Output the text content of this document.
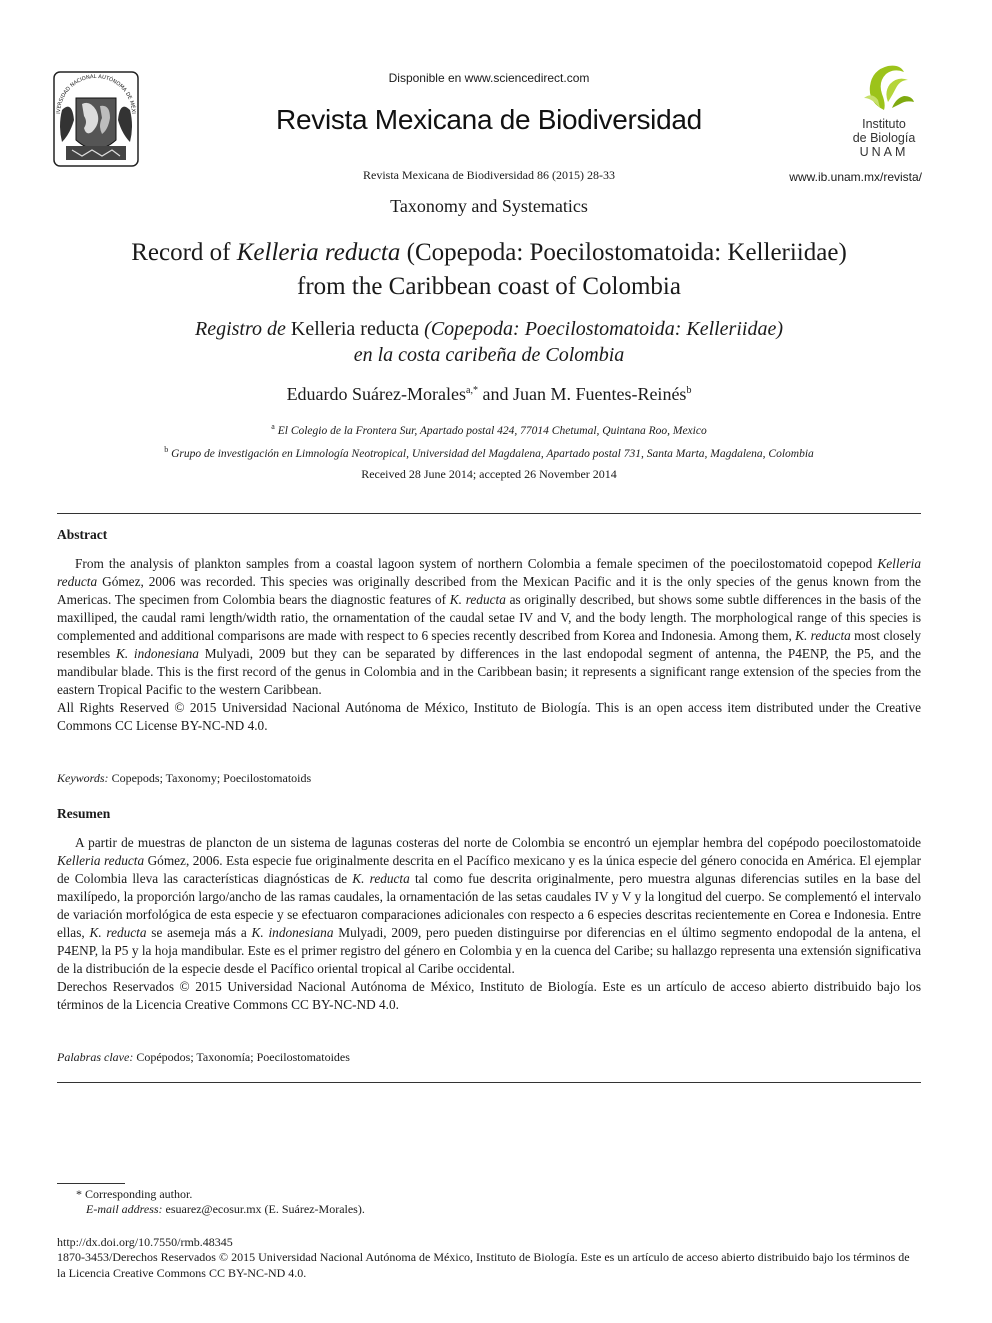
UNIVERSIDAD NACIONAL AUTÓNOMA DE MÉXICO
Disponible en www.sciencedirect.com
Revista Mexicana de Biodiversidad	Instituto
de Biología
UNAM
Revista Mexicana de Biodiversidad 86 (2015) 28-33	www.ib.unam.mx/revista/
Taxonomy and Systematics
Record of Kelleria reducta (Copepoda: Poecilostomatoida: Kelleriidae)
from the Caribbean coast of Colombia
Registro de Kelleria reducta (Copepoda: Poecilostomatoida: Kelleriidae)
en la costa caribeña de Colombia
Eduardo Suárez-Morales$^{a,*}$ and Juan M. Fuentes-Reinés$^b$
$^a$ El Colegio de la Frontera Sur, Apartado postal 424, 77014 Chetumal, Quintana Roo, Mexico
$^b$ Grupo de investigación en Limnología Neotropical, Universidad del Magdalena, Apartado postal 731, Santa Marta, Magdalena, Colombia
Received 28 June 2014; accepted 26 November 2014
Abstract

From the analysis of plankton samples from a coastal lagoon system of northern Colombia a female specimen of the poecilostomatoid copepod Kelleria reducta Gómez, 2006 was recorded. This species was originally described from the Mexican Pacific and it is the only species of the genus known from the Americas. The specimen from Colombia bears the diagnostic features of K. reducta as originally described, but shows some subtle differences in the basis of the maxilliped, the caudal rami length/width ratio, the ornamentation of the caudal setae IV and V, and the body length. The morphological range of this species is complemented and additional comparisons are made with respect to 6 species recently described from Korea and Indonesia. Among them, K. reducta most closely resembles K. indonesiana Mulyadi, 2009 but they can be separated by differences in the last endopodal segment of antenna, the P4ENP, the P5, and the mandibular blade. This is the first record of the genus in Colombia and in the Caribbean basin; it represents a significant range extension of the species from the eastern Tropical Pacific to the western Caribbean.
All Rights Reserved © 2015 Universidad Nacional Autónoma de México, Instituto de Biología. This is an open access item distributed under the Creative Commons CC License BY-NC-ND 4.0.

Keywords: Copepods; Taxonomy; Poecilostomatoids
Resumen

A partir de muestras de plancton de un sistema de lagunas costeras del norte de Colombia se encontró un ejemplar hembra del copépodo poecilostomatoide Kelleria reducta Gómez, 2006. Esta especie fue originalmente descrita en el Pacífico mexicano y es la única especie del género conocida en América. El ejemplar de Colombia lleva las características diagnósticas de K. reducta tal como fue descrita originalmente, pero muestra algunas diferencias sutiles en la base del maxilípedo, la proporción largo/ancho de las ramas caudales, la ornamentación de las setas caudales IV y V y la longitud del cuerpo. Se complementó el intervalo de variación morfológica de esta especie y se efectuaron comparaciones adicionales con respecto a 6 especies descritas recientemente en Corea e Indonesia. Entre ellas, K. reducta se asemeja más a K. indonesiana Mulyadi, 2009, pero pueden distinguirse por diferencias en el último segmento endopodal de la antena, el P4ENP, la P5 y la hoja mandibular. Este es el primer registro del género en Colombia y en la cuenca del Caribe; su hallazgo representa una extensión significativa de la distribución de la especie desde el Pacífico oriental tropical al Caribe occidental.
Derechos Reservados © 2015 Universidad Nacional Autónoma de México, Instituto de Biología. Este es un artículo de acceso abierto distribuido bajo los términos de la Licencia Creative Commons CC BY-NC-ND 4.0.

Palabras clave: Copépodos; Taxonomía; Poecilostomatoides
* Corresponding author.
E-mail address: esuarez@ecosur.mx (E. Suárez-Morales).
http://dx.doi.org/10.7550/rmb.48345
1870-3453/Derechos Reservados © 2015 Universidad Nacional Autónoma de México, Instituto de Biología. Este es un artículo de acceso abierto distribuido bajo los términos de la Licencia Creative Commons CC BY-NC-ND 4.0.
